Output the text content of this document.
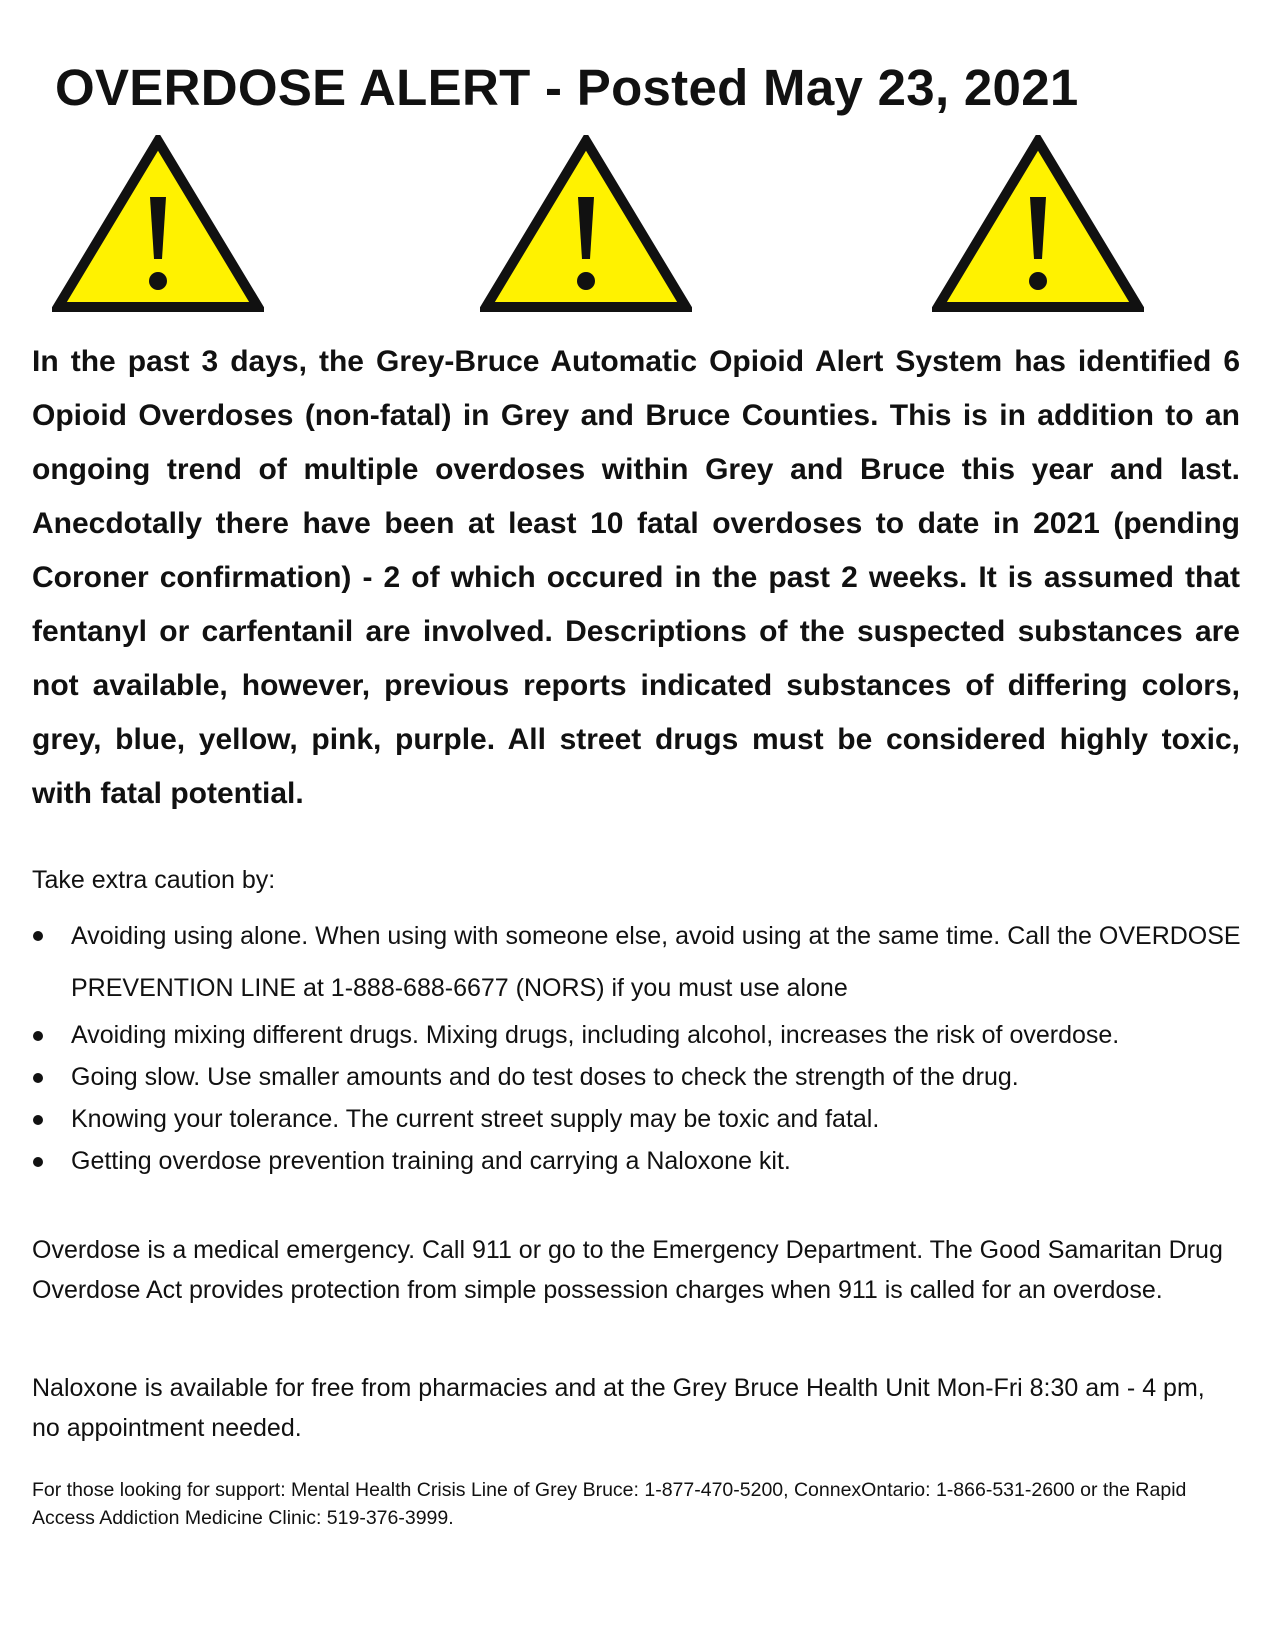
OVERDOSE ALERT - Posted May 23, 2021

In the past 3 days, the Grey-Bruce Automatic Opioid Alert System has identified 6 Opioid Overdoses (non-fatal) in Grey and Bruce Counties. This is in addition to an ongoing trend of multiple overdoses within Grey and Bruce this year and last. Anecdotally there have been at least 10 fatal overdoses to date in 2021 (pending Coroner confirmation) - 2 of which occured in the past 2 weeks. It is assumed that fentanyl or carfentanil are involved. Descriptions of the suspected substances are not available, however, previous reports indicated substances of differing colors, grey, blue, yellow, pink, purple. All street drugs must be considered highly toxic, with fatal potential.

Take extra caution by:

Avoiding using alone. When using with someone else, avoid using at the same time. Call the OVERDOSE PREVENTION LINE at 1-888-688-6677 (NORS) if you must use alone
Avoiding mixing different drugs. Mixing drugs, including alcohol, increases the risk of overdose.
Going slow. Use smaller amounts and do test doses to check the strength of the drug.
Knowing your tolerance. The current street supply may be toxic and fatal.
Getting overdose prevention training and carrying a Naloxone kit.

Overdose is a medical emergency. Call 911 or go to the Emergency Department. The Good Samaritan Drug Overdose Act provides protection from simple possession charges when 911 is called for an overdose.

Naloxone is available for free from pharmacies and at the Grey Bruce Health Unit Mon-Fri 8:30 am - 4 pm, no appointment needed.

For those looking for support: Mental Health Crisis Line of Grey Bruce: 1-877-470-5200, ConnexOntario: 1-866-531-2600 or the Rapid Access Addiction Medicine Clinic: 519-376-3999.
